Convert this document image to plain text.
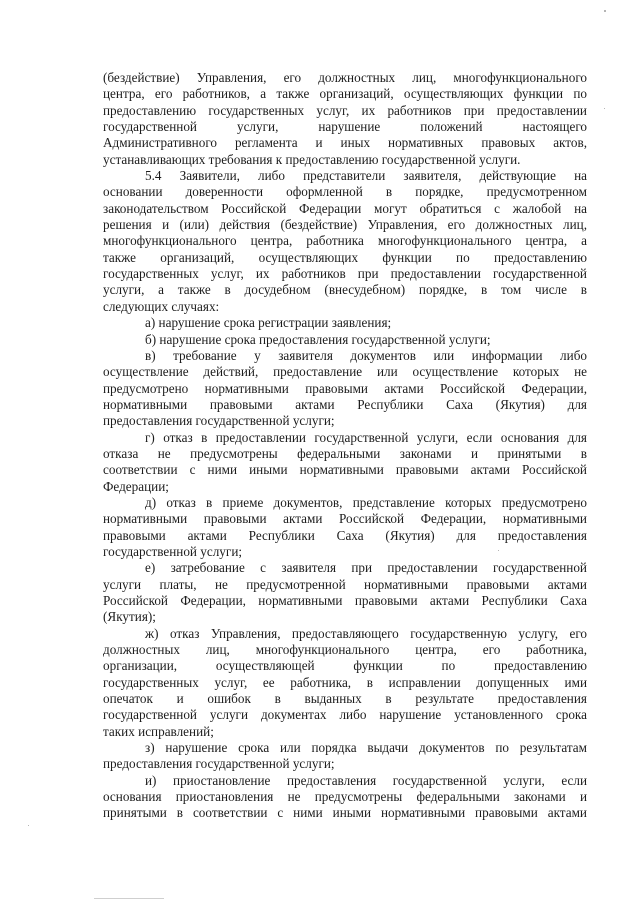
(бездействие) Управления, его должностных лиц, многофункционального
центра, его работников, а также организаций, осуществляющих функции по
предоставлению государственных услуг, их работников при предоставлении
государственной услуги, нарушение положений настоящего
Административного регламента и иных нормативных правовых актов,
устанавливающих требования к предоставлению государственной услуги.
5.4 Заявители, либо представители заявителя, действующие на
основании доверенности оформленной в порядке, предусмотренном
законодательством Российской Федерации могут обратиться с жалобой на
решения и (или) действия (бездействие) Управления, его должностных лиц,
многофункционального центра, работника многофункционального центра, а
также организаций, осуществляющих функции по предоставлению
государственных услуг, их работников при предоставлении государственной
услуги, а также в досудебном (внесудебном) порядке, в том числе в
следующих случаях:
а) нарушение срока регистрации заявления;
б) нарушение срока предоставления государственной услуги;
в) требование у заявителя документов или информации либо
осуществление действий, предоставление или осуществление которых не
предусмотрено нормативными правовыми актами Российской Федерации,
нормативными правовыми актами Республики Саха (Якутия) для
предоставления государственной услуги;
г) отказ в предоставлении государственной услуги, если основания для
отказа не предусмотрены федеральными законами и принятыми в
соответствии с ними иными нормативными правовыми актами Российской
Федерации;
д) отказ в приеме документов, представление которых предусмотрено
нормативными правовыми актами Российской Федерации, нормативными
правовыми актами Республики Саха (Якутия) для предоставления
государственной услуги;
е) затребование с заявителя при предоставлении государственной
услуги платы, не предусмотренной нормативными правовыми актами
Российской Федерации, нормативными правовыми актами Республики Саха
(Якутия);
ж) отказ Управления, предоставляющего государственную услугу, его
должностных лиц, многофункционального центра, его работника,
организации, осуществляющей функции по предоставлению
государственных услуг, ее работника, в исправлении допущенных ими
опечаток и ошибок в выданных в результате предоставления
государственной услуги документах либо нарушение установленного срока
таких исправлений;
з) нарушение срока или порядка выдачи документов по результатам
предоставления государственной услуги;
и) приостановление предоставления государственной услуги, если
основания приостановления не предусмотрены федеральными законами и
принятыми в соответствии с ними иными нормативными правовыми актами
